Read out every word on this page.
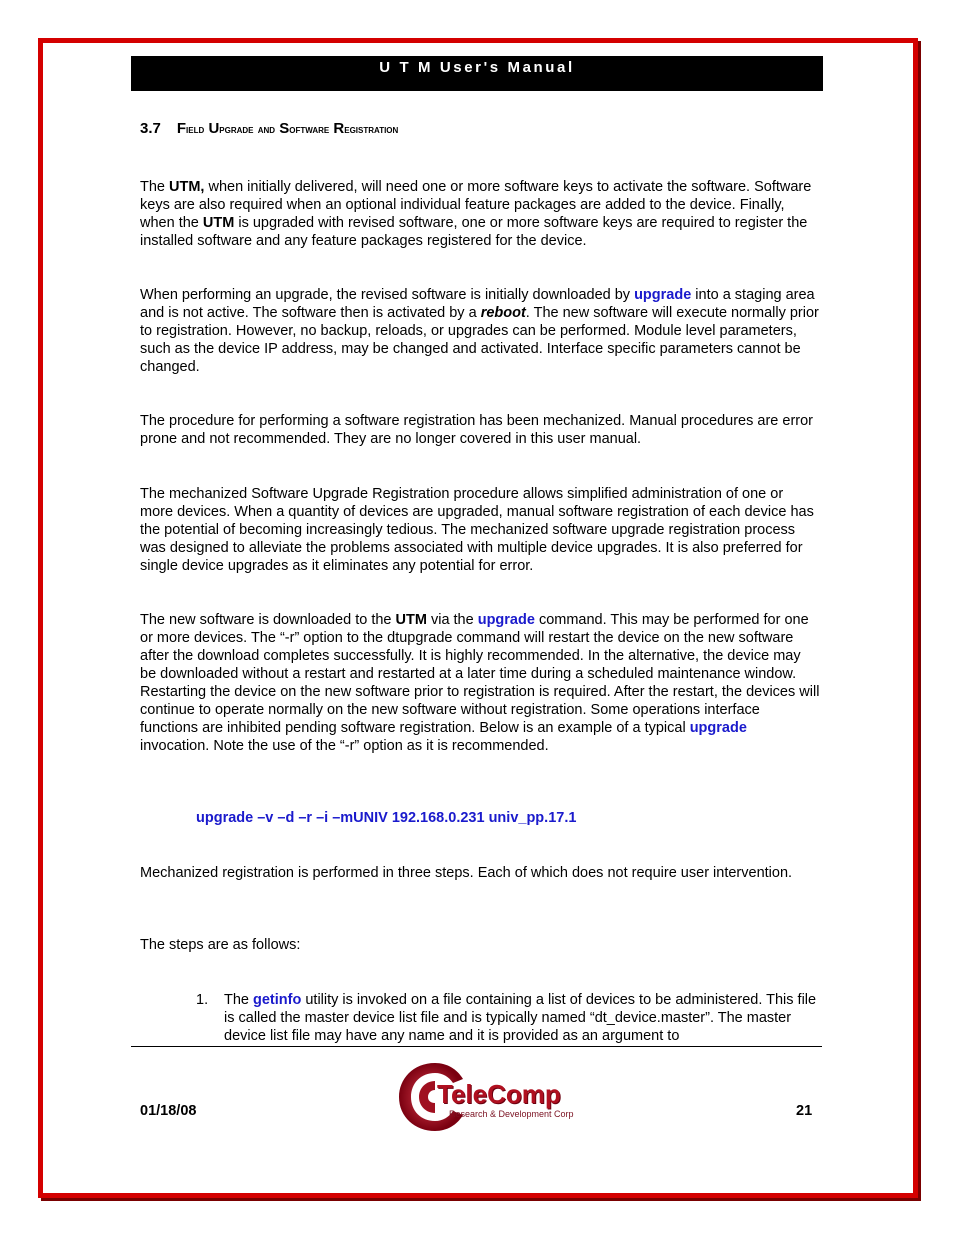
U T M User's Manual
3.7 Field Upgrade and Software Registration
The UTM, when initially delivered, will need one or more software keys to activate the software. Software keys are also required when an optional individual feature packages are added to the device. Finally, when the UTM is upgraded with revised software, one or more software keys are required to register the installed software and any feature packages registered for the device.
When performing an upgrade, the revised software is initially downloaded by upgrade into a staging area and is not active. The software then is activated by a reboot. The new software will execute normally prior to registration. However, no backup, reloads, or upgrades can be performed. Module level parameters, such as the device IP address, may be changed and activated. Interface specific parameters cannot be changed.
The procedure for performing a software registration has been mechanized. Manual procedures are error prone and not recommended. They are no longer covered in this user manual.
The mechanized Software Upgrade Registration procedure allows simplified administration of one or more devices. When a quantity of devices are upgraded, manual software registration of each device has the potential of becoming increasingly tedious. The mechanized software upgrade registration process was designed to alleviate the problems associated with multiple device upgrades. It is also preferred for single device upgrades as it eliminates any potential for error.
The new software is downloaded to the UTM via the upgrade command. This may be performed for one or more devices. The “-r” option to the dtupgrade command will restart the device on the new software after the download completes successfully. It is highly recommended. In the alternative, the device may be downloaded without a restart and restarted at a later time during a scheduled maintenance window. Restarting the device on the new software prior to registration is required. After the restart, the devices will continue to operate normally on the new software without registration. Some operations interface functions are inhibited pending software registration. Below is an example of a typical upgrade invocation. Note the use of the “-r” option as it is recommended.
upgrade –v –d –r –i –mUNIV 192.168.0.231 univ_pp.17.1
Mechanized registration is performed in three steps. Each of which does not require user intervention.
The steps are as follows:
1. The getinfo utility is invoked on a file containing a list of devices to be administered. This file is called the master device list file and is typically named “dt_device.master”. The master device list file may have any name and it is provided as an argument to
01/18/08
TeleComp
Research & Development Corp	21
